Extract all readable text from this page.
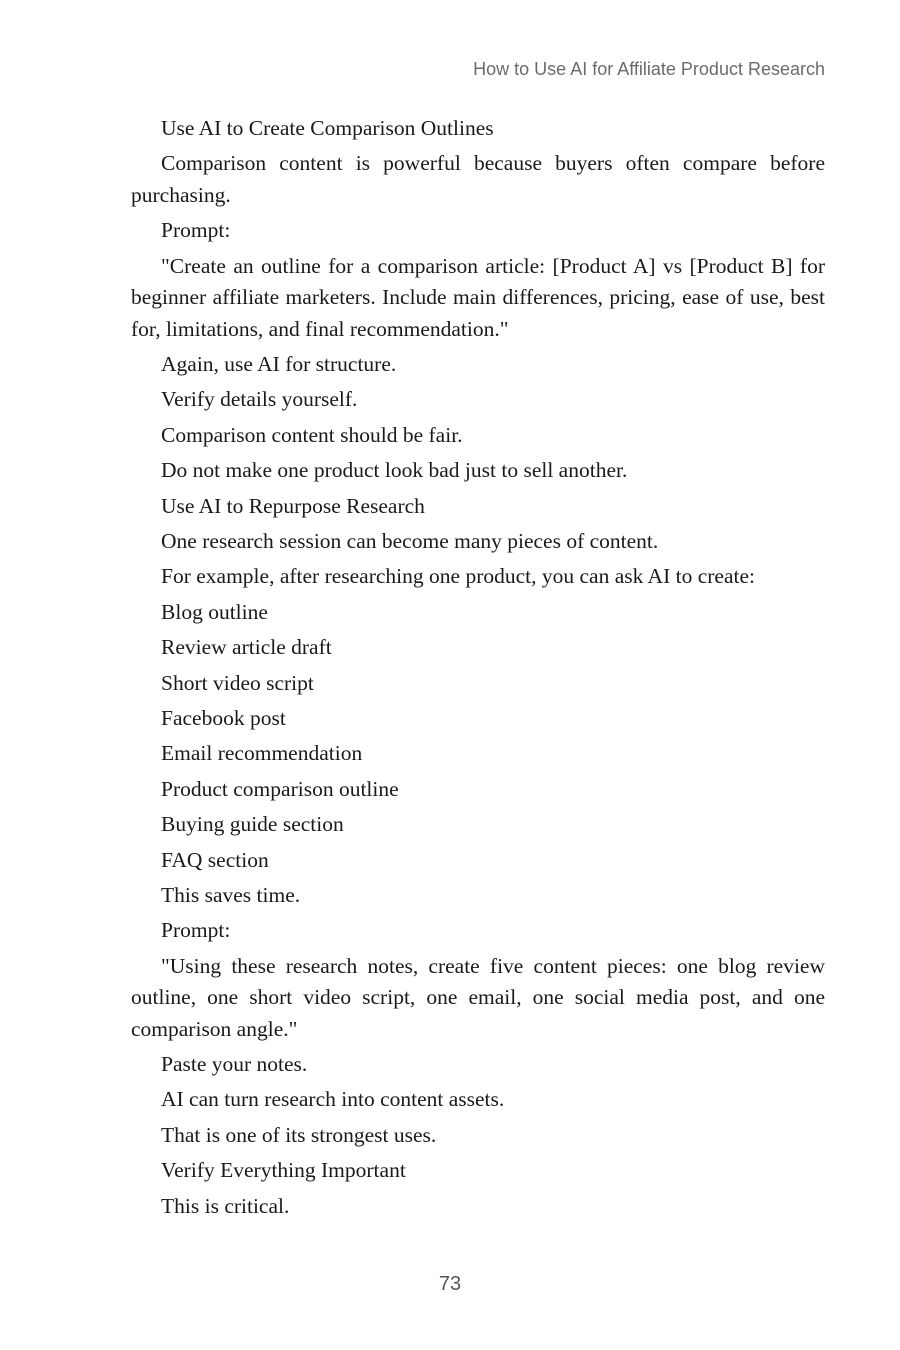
How to Use AI for Affiliate Product Research

Use AI to Create Comparison Outlines

Comparison content is powerful because buyers often compare before purchasing.

Prompt:

"Create an outline for a comparison article: [Product A] vs [Product B] for beginner affiliate marketers. Include main differences, pricing, ease of use, best for, limitations, and final recommendation."

Again, use AI for structure.

Verify details yourself.

Comparison content should be fair.

Do not make one product look bad just to sell another.

Use AI to Repurpose Research

One research session can become many pieces of content.

For example, after researching one product, you can ask AI to create:

Blog outline

Review article draft

Short video script

Facebook post

Email recommendation

Product comparison outline

Buying guide section

FAQ section

This saves time.

Prompt:

"Using these research notes, create five content pieces: one blog review outline, one short video script, one email, one social media post, and one comparison angle."

Paste your notes.

AI can turn research into content assets.

That is one of its strongest uses.

Verify Everything Important

This is critical.

73
